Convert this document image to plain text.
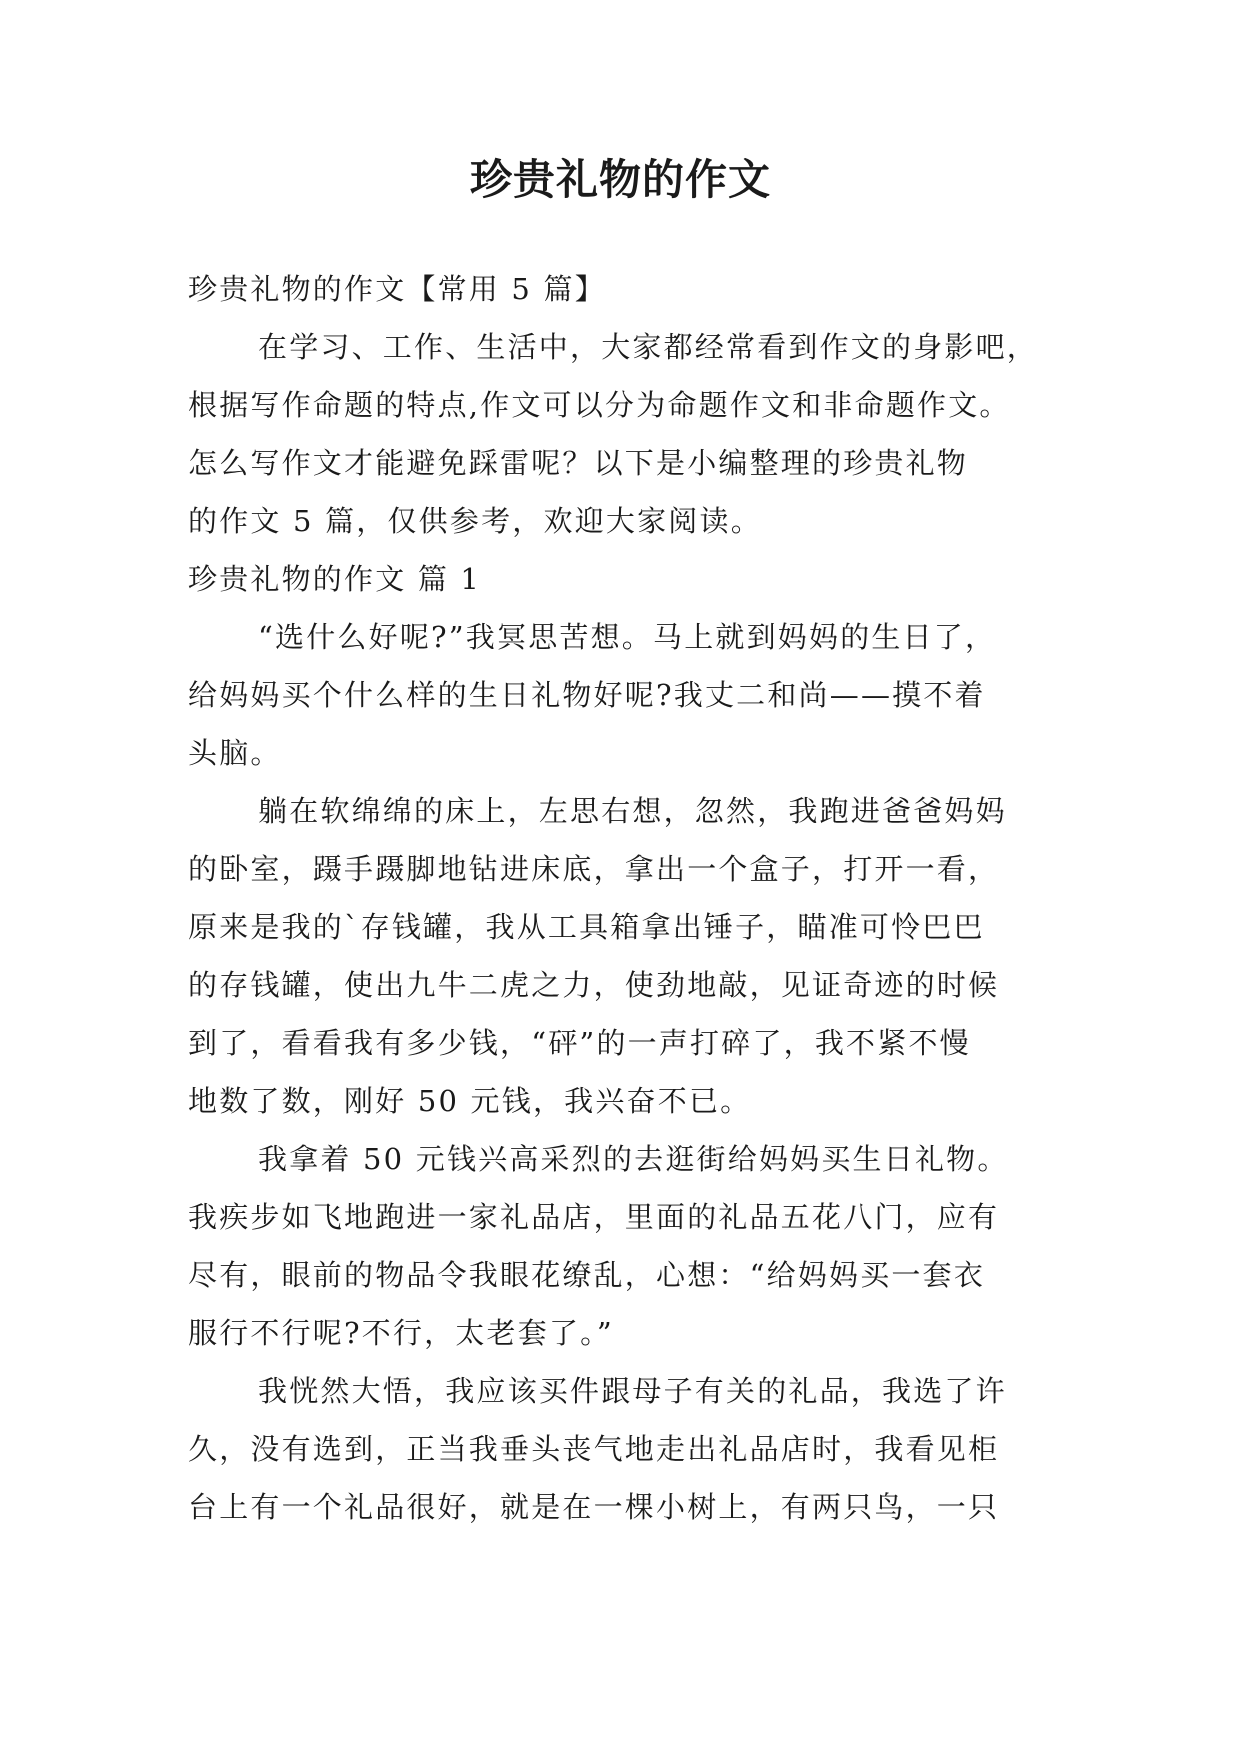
珍贵礼物的作文
珍贵礼物的作文【常用 5 篇】
在学习、工作、生活中，大家都经常看到作文的身影吧，
根据写作命题的特点,作文可以分为命题作文和非命题作文。
怎么写作文才能避免踩雷呢？以下是小编整理的珍贵礼物
的作文 5 篇，仅供参考，欢迎大家阅读。
珍贵礼物的作文 篇 1
“选什么好呢?”我冥思苦想。马上就到妈妈的生日了，
给妈妈买个什么样的生日礼物好呢?我丈二和尚——摸不着
头脑。
躺在软绵绵的床上，左思右想，忽然，我跑进爸爸妈妈
的卧室，蹑手蹑脚地钻进床底，拿出一个盒子，打开一看，
原来是我的`存钱罐，我从工具箱拿出锤子，瞄准可怜巴巴
的存钱罐，使出九牛二虎之力，使劲地敲，见证奇迹的时候
到了，看看我有多少钱，“砰”的一声打碎了，我不紧不慢
地数了数，刚好 50 元钱，我兴奋不已。
我拿着 50 元钱兴高采烈的去逛街给妈妈买生日礼物。
我疾步如飞地跑进一家礼品店，里面的礼品五花八门，应有
尽有，眼前的物品令我眼花缭乱，心想：“给妈妈买一套衣
服行不行呢?不行，太老套了。”
我恍然大悟，我应该买件跟母子有关的礼品，我选了许
久，没有选到，正当我垂头丧气地走出礼品店时，我看见柜
台上有一个礼品很好，就是在一棵小树上，有两只鸟，一只
